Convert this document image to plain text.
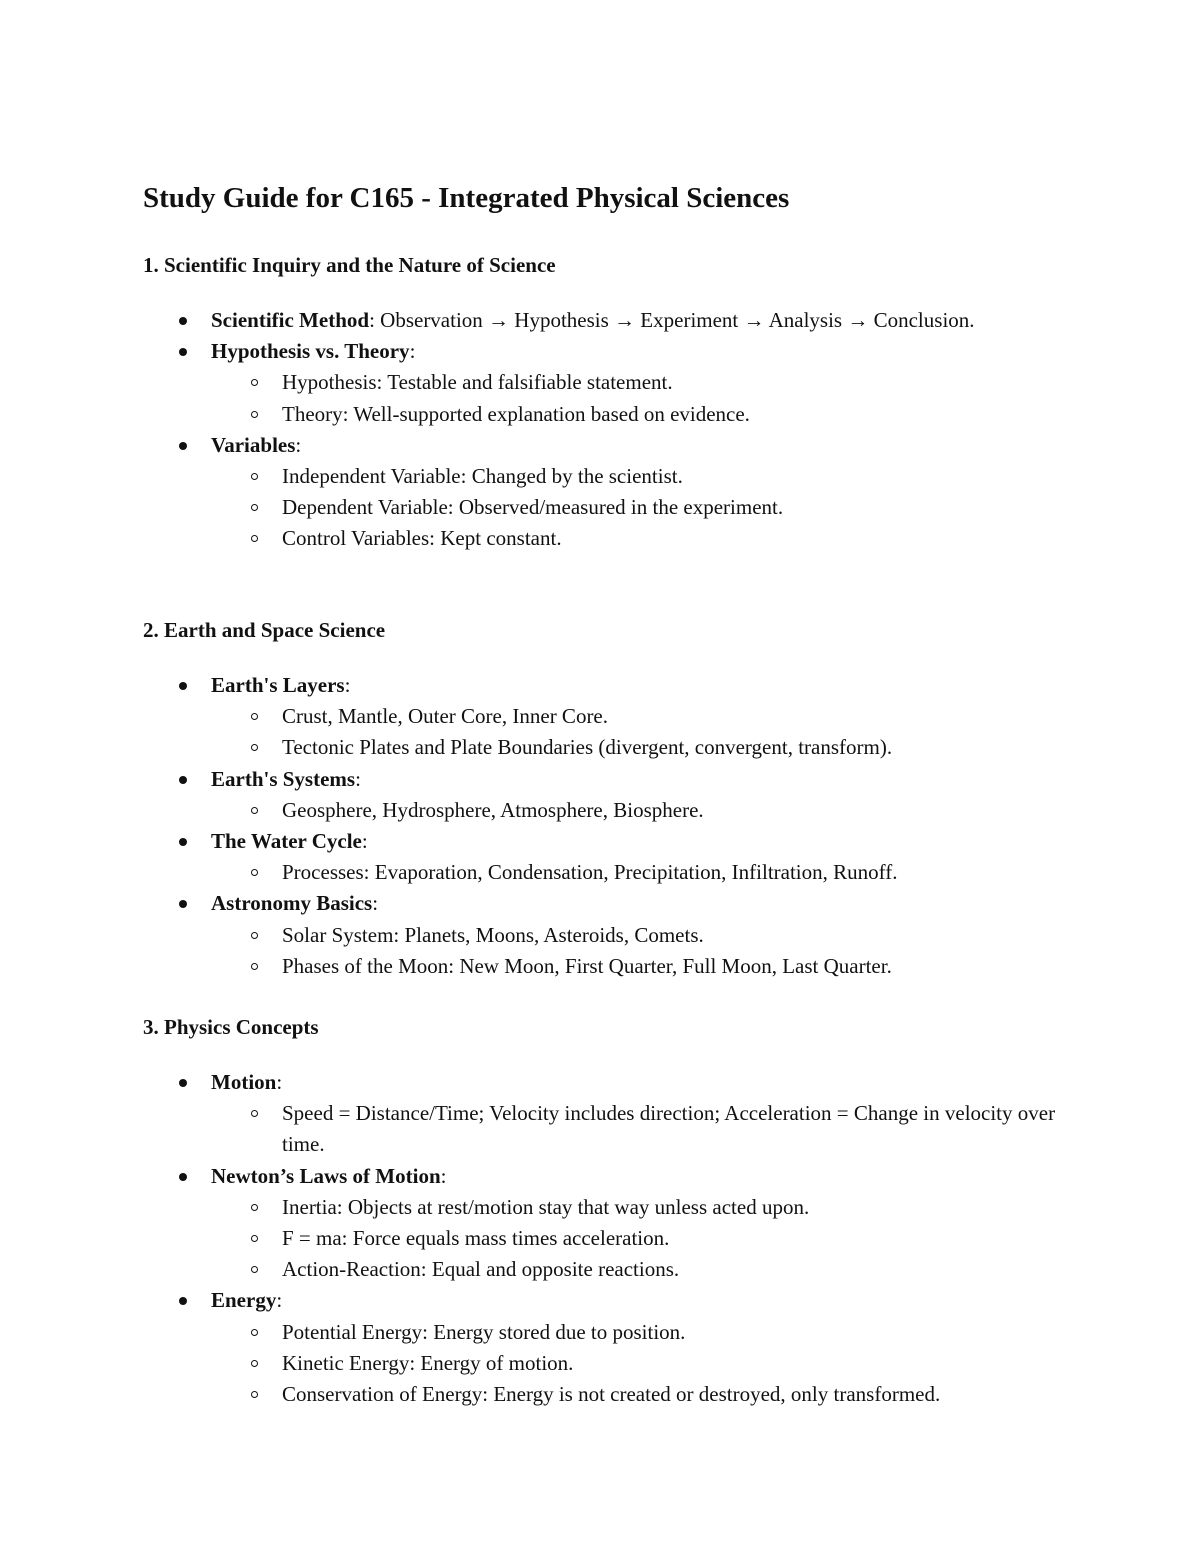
Study Guide for C165 - Integrated Physical Sciences
1. Scientific Inquiry and the Nature of Science
Scientific Method: Observation → Hypothesis → Experiment → Analysis → Conclusion.
Hypothesis vs. Theory:
Hypothesis: Testable and falsifiable statement.
Theory: Well-supported explanation based on evidence.
Variables:
Independent Variable: Changed by the scientist.
Dependent Variable: Observed/measured in the experiment.
Control Variables: Kept constant.
2. Earth and Space Science
Earth's Layers:
Crust, Mantle, Outer Core, Inner Core.
Tectonic Plates and Plate Boundaries (divergent, convergent, transform).
Earth's Systems:
Geosphere, Hydrosphere, Atmosphere, Biosphere.
The Water Cycle:
Processes: Evaporation, Condensation, Precipitation, Infiltration, Runoff.
Astronomy Basics:
Solar System: Planets, Moons, Asteroids, Comets.
Phases of the Moon: New Moon, First Quarter, Full Moon, Last Quarter.
3. Physics Concepts
Motion:
Speed = Distance/Time; Velocity includes direction; Acceleration = Change in velocity over time.
Newton’s Laws of Motion:
Inertia: Objects at rest/motion stay that way unless acted upon.
F = ma: Force equals mass times acceleration.
Action-Reaction: Equal and opposite reactions.
Energy:
Potential Energy: Energy stored due to position.
Kinetic Energy: Energy of motion.
Conservation of Energy: Energy is not created or destroyed, only transformed.
